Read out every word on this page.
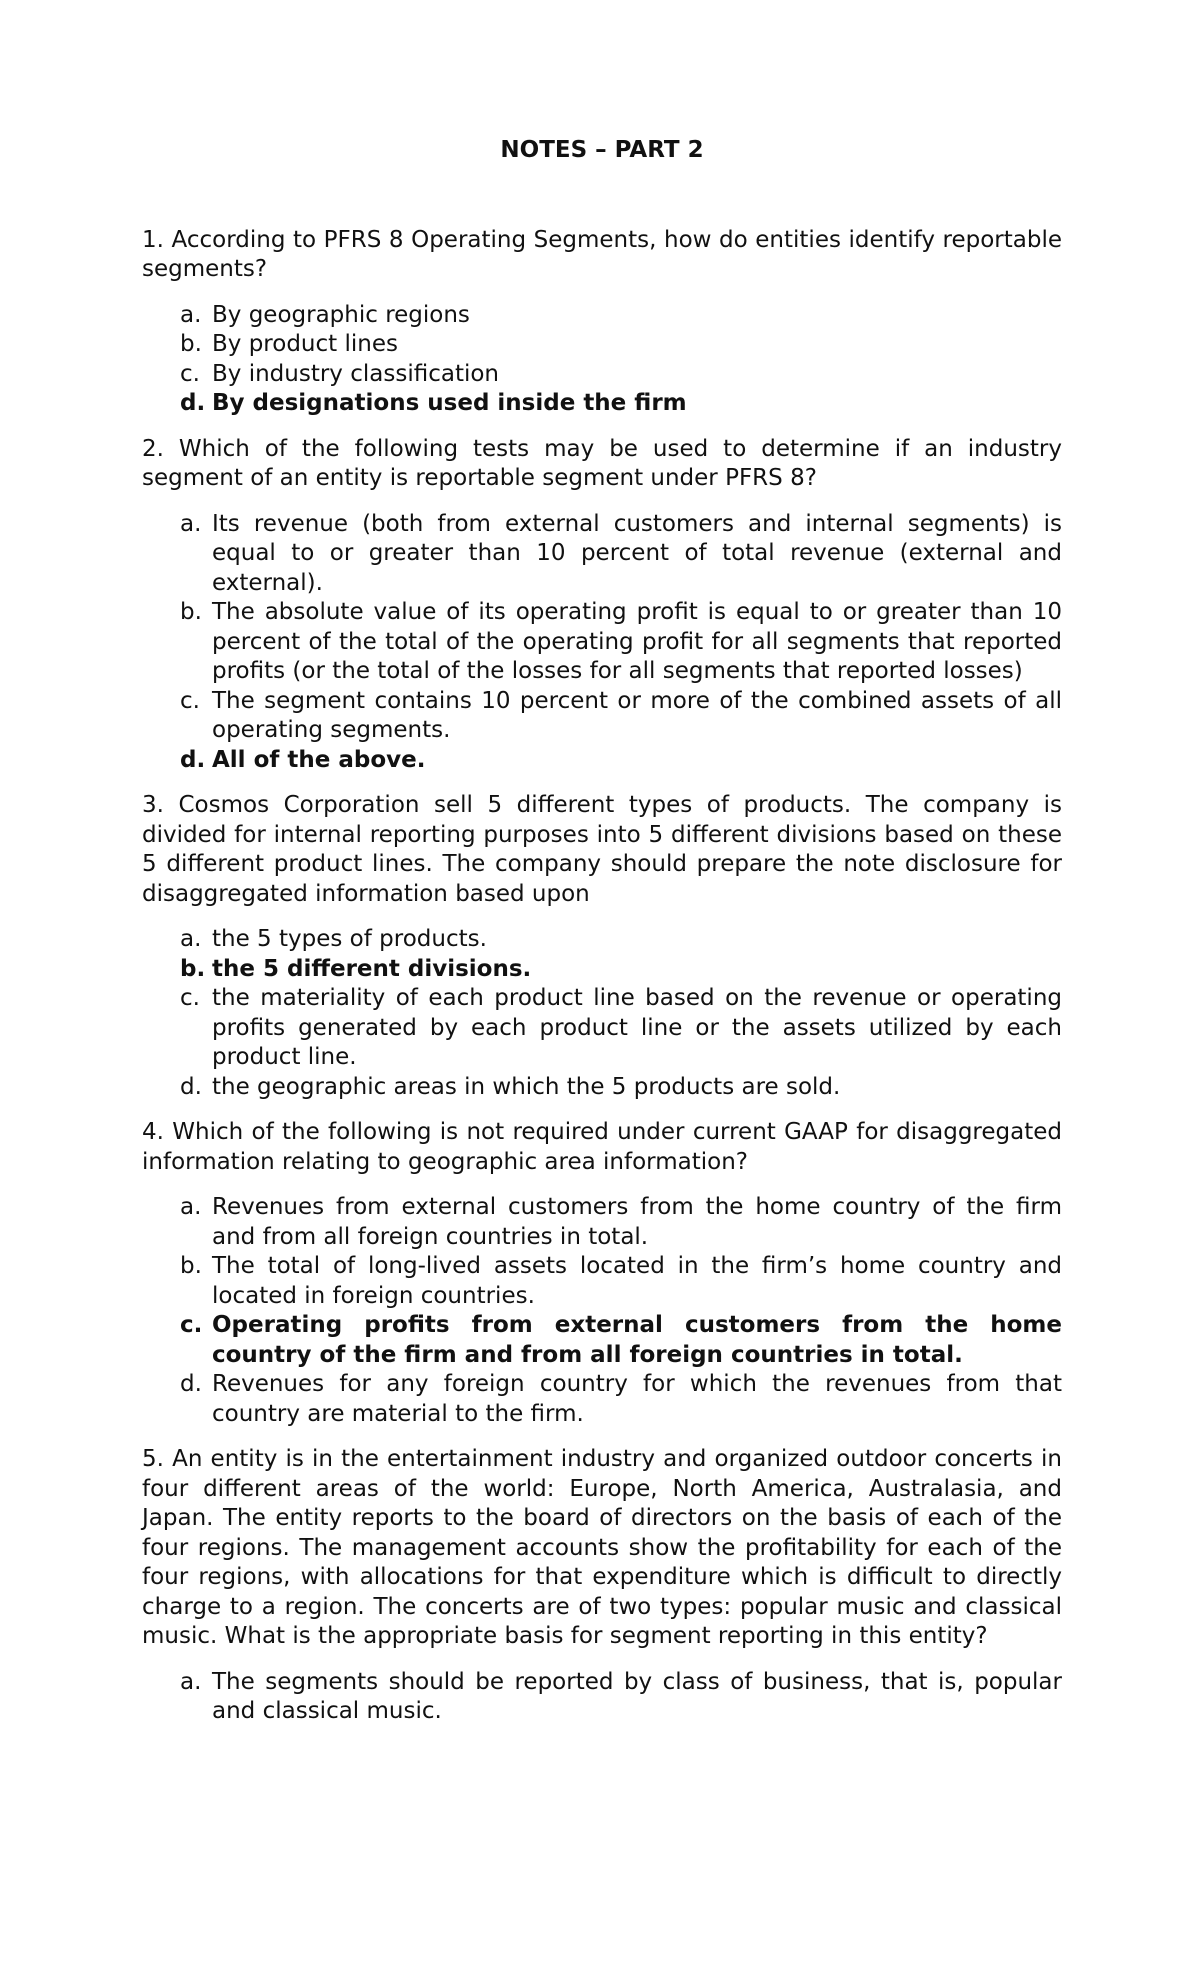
NOTES – PART 2
1. According to PFRS 8 Operating Segments, how do entities identify reportable segments?
a. By geographic regions
b. By product lines
c. By industry classification
d. By designations used inside the firm
2. Which of the following tests may be used to determine if an industry segment of an entity is reportable segment under PFRS 8?
a. Its revenue (both from external customers and internal segments) is equal to or greater than 10 percent of total revenue (external and external).
b. The absolute value of its operating profit is equal to or greater than 10 percent of the total of the operating profit for all segments that reported profits (or the total of the losses for all segments that reported losses)
c. The segment contains 10 percent or more of the combined assets of all operating segments.
d. All of the above.
3. Cosmos Corporation sell 5 different types of products. The company is divided for internal reporting purposes into 5 different divisions based on these 5 different product lines. The company should prepare the note disclosure for disaggregated information based upon
a. the 5 types of products.
b. the 5 different divisions.
c. the materiality of each product line based on the revenue or operating profits generated by each product line or the assets utilized by each product line.
d. the geographic areas in which the 5 products are sold.
4. Which of the following is not required under current GAAP for disaggregated information relating to geographic area information?
a. Revenues from external customers from the home country of the firm and from all foreign countries in total.
b. The total of long-lived assets located in the firm’s home country and located in foreign countries.
c. Operating profits from external customers from the home country of the firm and from all foreign countries in total.
d. Revenues for any foreign country for which the revenues from that country are material to the firm.
5. An entity is in the entertainment industry and organized outdoor concerts in four different areas of the world: Europe, North America, Australasia, and Japan. The entity reports to the board of directors on the basis of each of the four regions. The management accounts show the profitability for each of the four regions, with allocations for that expenditure which is difficult to directly charge to a region. The concerts are of two types: popular music and classical music. What is the appropriate basis for segment reporting in this entity?
a. The segments should be reported by class of business, that is, popular and classical music.
